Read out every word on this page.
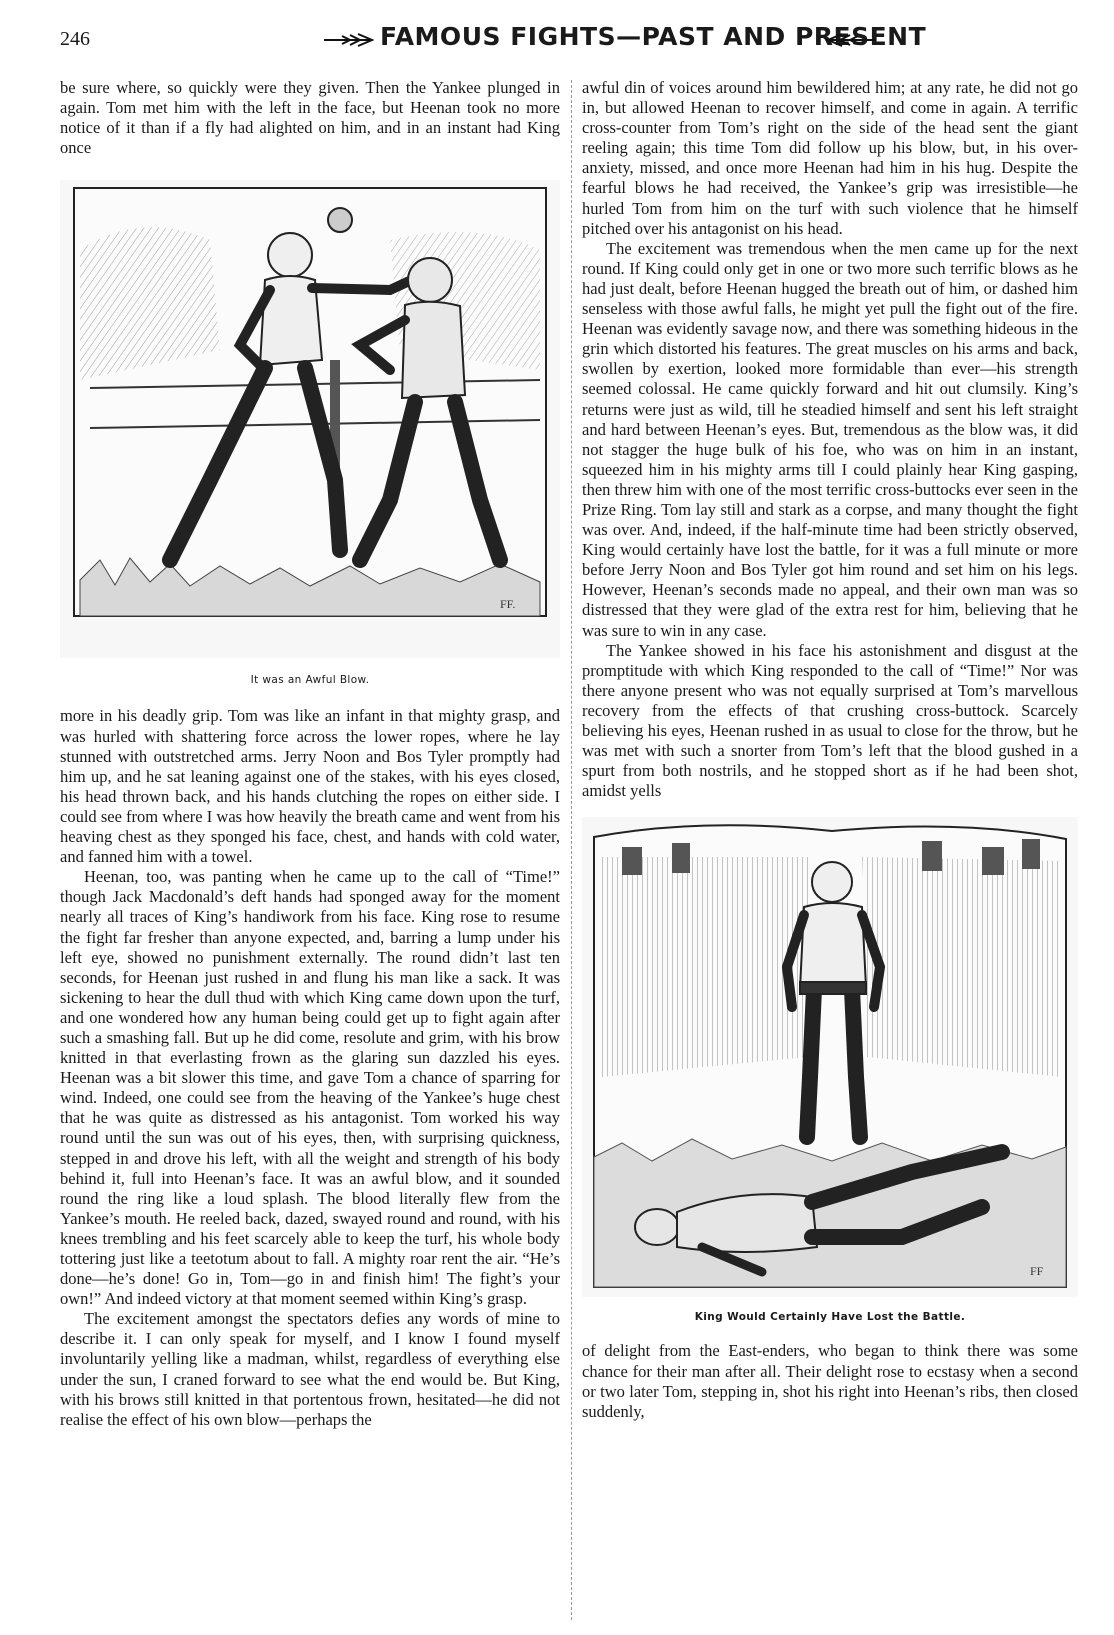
246	FAMOUS FIGHTS—PAST AND PRESENT

be sure where, so quickly were they given. Then the Yankee plunged in again. Tom met him with the left in the face, but Heenan took no more notice of it than if a fly had alighted on him, and in an instant had King once

FF.
It was an Awful Blow.

more in his deadly grip. Tom was like an infant in that mighty grasp, and was hurled with shattering force across the lower ropes, where he lay stunned with outstretched arms. Jerry Noon and Bos Tyler promptly had him up, and he sat leaning against one of the stakes, with his eyes closed, his head thrown back, and his hands clutching the ropes on either side. I could see from where I was how heavily the breath came and went from his heaving chest as they sponged his face, chest, and hands with cold water, and fanned him with a towel.

Heenan, too, was panting when he came up to the call of “Time!” though Jack Macdonald’s deft hands had sponged away for the moment nearly all traces of King’s handiwork from his face. King rose to resume the fight far fresher than anyone expected, and, barring a lump under his left eye, showed no punishment externally. The round didn’t last ten seconds, for Heenan just rushed in and flung his man like a sack. It was sickening to hear the dull thud with which King came down upon the turf, and one wondered how any human being could get up to fight again after such a smashing fall. But up he did come, resolute and grim, with his brow knitted in that everlasting frown as the glaring sun dazzled his eyes. Heenan was a bit slower this time, and gave Tom a chance of sparring for wind. Indeed, one could see from the heaving of the Yankee’s huge chest that he was quite as distressed as his antagonist. Tom worked his way round until the sun was out of his eyes, then, with surprising quickness, stepped in and drove his left, with all the weight and strength of his body behind it, full into Heenan’s face. It was an awful blow, and it sounded round the ring like a loud splash. The blood literally flew from the Yankee’s mouth. He reeled back, dazed, swayed round and round, with his knees trembling and his feet scarcely able to keep the turf, his whole body tottering just like a teetotum about to fall. A mighty roar rent the air. “He’s done—he’s done! Go in, Tom—go in and finish him! The fight’s your own!” And indeed victory at that moment seemed within King’s grasp.

The excitement amongst the spectators defies any words of mine to describe it. I can only speak for myself, and I know I found myself involuntarily yelling like a madman, whilst, regardless of everything else under the sun, I craned forward to see what the end would be. But King, with his brows still knitted in that portentous frown, hesitated—he did not realise the effect of his own blow—perhaps the

awful din of voices around him bewildered him; at any rate, he did not go in, but allowed Heenan to recover himself, and come in again. A terrific cross-counter from Tom’s right on the side of the head sent the giant reeling again; this time Tom did follow up his blow, but, in his over-anxiety, missed, and once more Heenan had him in his hug. Despite the fearful blows he had received, the Yankee’s grip was irresistible—he hurled Tom from him on the turf with such violence that he himself pitched over his antagonist on his head.

The excitement was tremendous when the men came up for the next round. If King could only get in one or two more such terrific blows as he had just dealt, before Heenan hugged the breath out of him, or dashed him senseless with those awful falls, he might yet pull the fight out of the fire. Heenan was evidently savage now, and there was something hideous in the grin which distorted his features. The great muscles on his arms and back, swollen by exertion, looked more formidable than ever—his strength seemed colossal. He came quickly forward and hit out clumsily. King’s returns were just as wild, till he steadied himself and sent his left straight and hard between Heenan’s eyes. But, tremendous as the blow was, it did not stagger the huge bulk of his foe, who was on him in an instant, squeezed him in his mighty arms till I could plainly hear King gasping, then threw him with one of the most terrific cross-buttocks ever seen in the Prize Ring. Tom lay still and stark as a corpse, and many thought the fight was over. And, indeed, if the half-minute time had been strictly observed, King would certainly have lost the battle, for it was a full minute or more before Jerry Noon and Bos Tyler got him round and set him on his legs. However, Heenan’s seconds made no appeal, and their own man was so distressed that they were glad of the extra rest for him, believing that he was sure to win in any case.

The Yankee showed in his face his astonishment and disgust at the promptitude with which King responded to the call of “Time!” Nor was there anyone present who was not equally surprised at Tom’s marvellous recovery from the effects of that crushing cross-buttock. Scarcely believing his eyes, Heenan rushed in as usual to close for the throw, but he was met with such a snorter from Tom’s left that the blood gushed in a spurt from both nostrils, and he stopped short as if he had been shot, amidst yells

FF
King Would Certainly Have Lost the Battle.

of delight from the East-enders, who began to think there was some chance for their man after all. Their delight rose to ecstasy when a second or two later Tom, stepping in, shot his right into Heenan’s ribs, then closed suddenly,
